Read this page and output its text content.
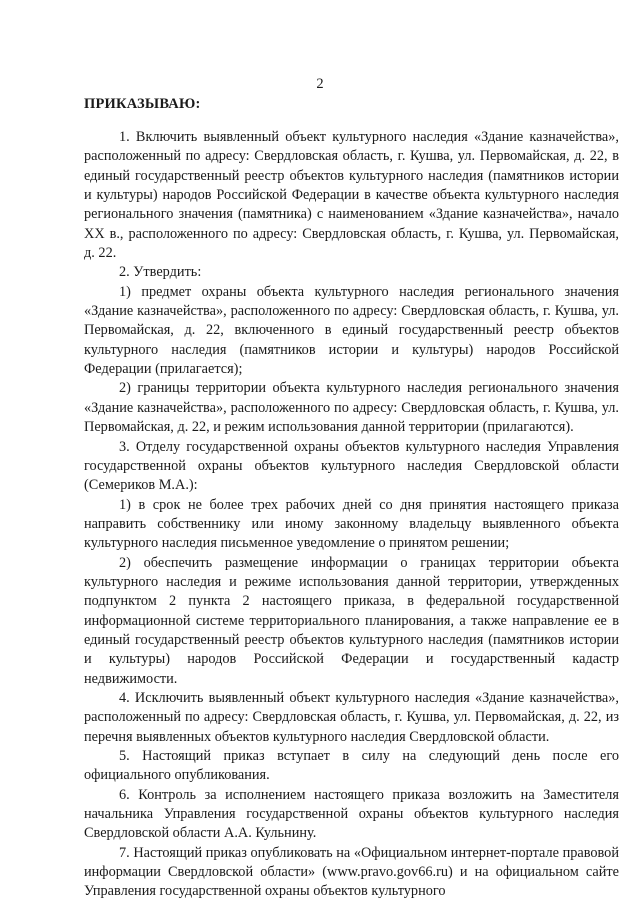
2
ПРИКАЗЫВАЮ:

1. Включить выявленный объект культурного наследия «Здание казначейства», расположенный по адресу: Свердловская область, г. Кушва, ул. Первомайская, д. 22, в единый государственный реестр объектов культурного наследия (памятников истории и культуры) народов Российской Федерации в качестве объекта культурного наследия регионального значения (памятника) с наименованием «Здание казначейства», начало XX в., расположенного по адресу: Свердловская область, г. Кушва, ул. Первомайская, д. 22.

2. Утвердить:

1) предмет охраны объекта культурного наследия регионального значения «Здание казначейства», расположенного по адресу: Свердловская область, г. Кушва, ул. Первомайская, д. 22, включенного в единый государственный реестр объектов культурного наследия (памятников истории и культуры) народов Российской Федерации (прилагается);

2) границы территории объекта культурного наследия регионального значения «Здание казначейства», расположенного по адресу: Свердловская область, г. Кушва, ул. Первомайская, д. 22, и режим использования данной территории (прилагаются).

3. Отделу государственной охраны объектов культурного наследия Управления государственной охраны объектов культурного наследия Свердловской области (Семериков М.А.):

1) в срок не более трех рабочих дней со дня принятия настоящего приказа направить собственнику или иному законному владельцу выявленного объекта культурного наследия письменное уведомление о принятом решении;

2) обеспечить размещение информации о границах территории объекта культурного наследия и режиме использования данной территории, утвержденных подпунктом 2 пункта 2 настоящего приказа, в федеральной государственной информационной системе территориального планирования, а также направление ее в единый государственный реестр объектов культурного наследия (памятников истории и культуры) народов Российской Федерации и государственный кадастр недвижимости.

4. Исключить выявленный объект культурного наследия «Здание казначейства», расположенный по адресу: Свердловская область, г. Кушва, ул. Первомайская, д. 22, из перечня выявленных объектов культурного наследия Свердловской области.

5. Настоящий приказ вступает в силу на следующий день после его официального опубликования.

6. Контроль за исполнением настоящего приказа возложить на Заместителя начальника Управления государственной охраны объектов культурного наследия Свердловской области А.А. Кульнину.

7. Настоящий приказ опубликовать на «Официальном интернет-портале правовой информации Свердловской области» (www.pravo.gov66.ru) и на официальном сайте Управления государственной охраны объектов культурного
